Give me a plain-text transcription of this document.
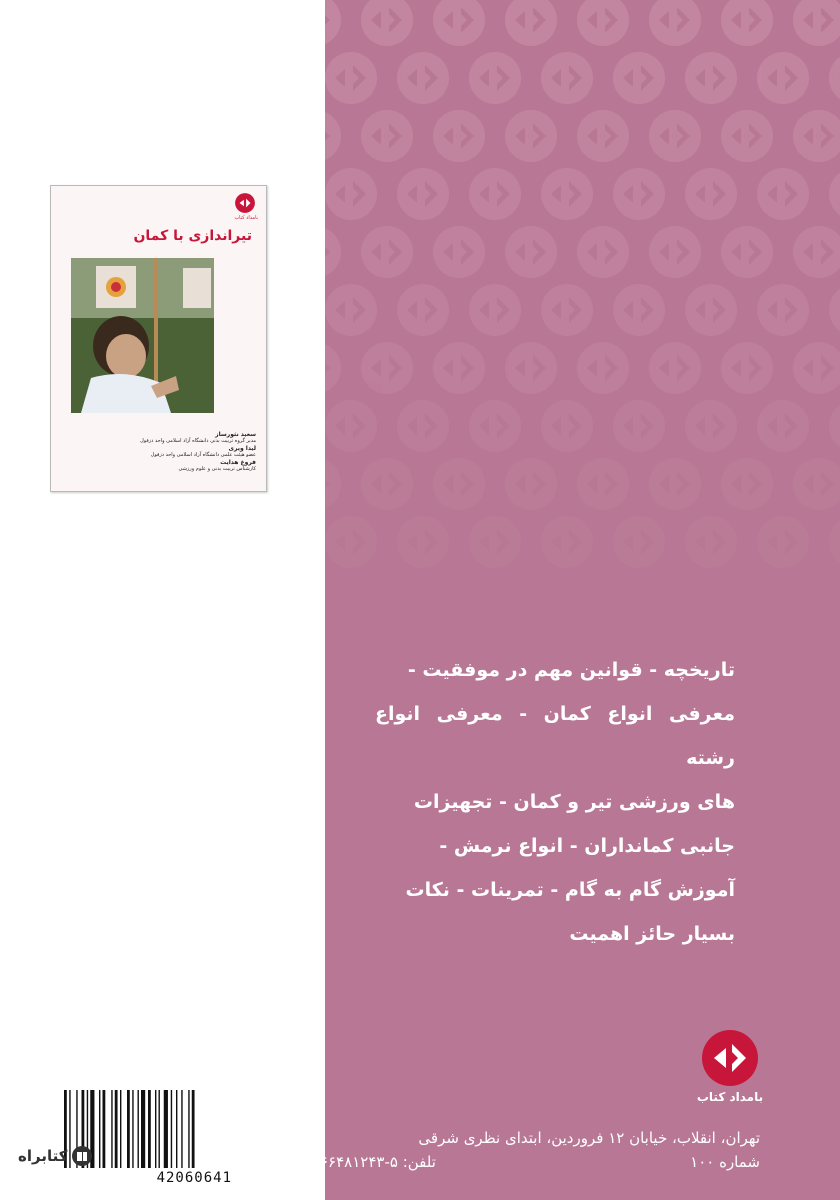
بامداد کتاب
تیراندازی با کمان
سعید نثورساز
مدیر گروه تربیت بدنی دانشگاه آزاد اسلامی واحد دزفول
لیدا ویری
عضو هیئت علمی دانشگاه آزاد اسلامی واحد دزفول
فروغ هدایت
کارشناس تربیت بدنی و علوم ورزشی
تاریخچه - قوانین مهم در موفقیت -
معرفی انواع کمان - معرفی انواع رشته
های ورزشی تیر و کمان - تجهیزات
جانبی کمانداران - انواع نرمش -
آموزش گام به گام - تمرینات - نکات
بسیار حائز اهمیت
بامداد کتاب
تهران، انقلاب، خیابان ۱۲ فروردین، ابتدای نظری شرقی
شماره ۱۰۰
تلفن: ۵-۶۶۴۸۱۲۴۳
42060641
کتابراه
